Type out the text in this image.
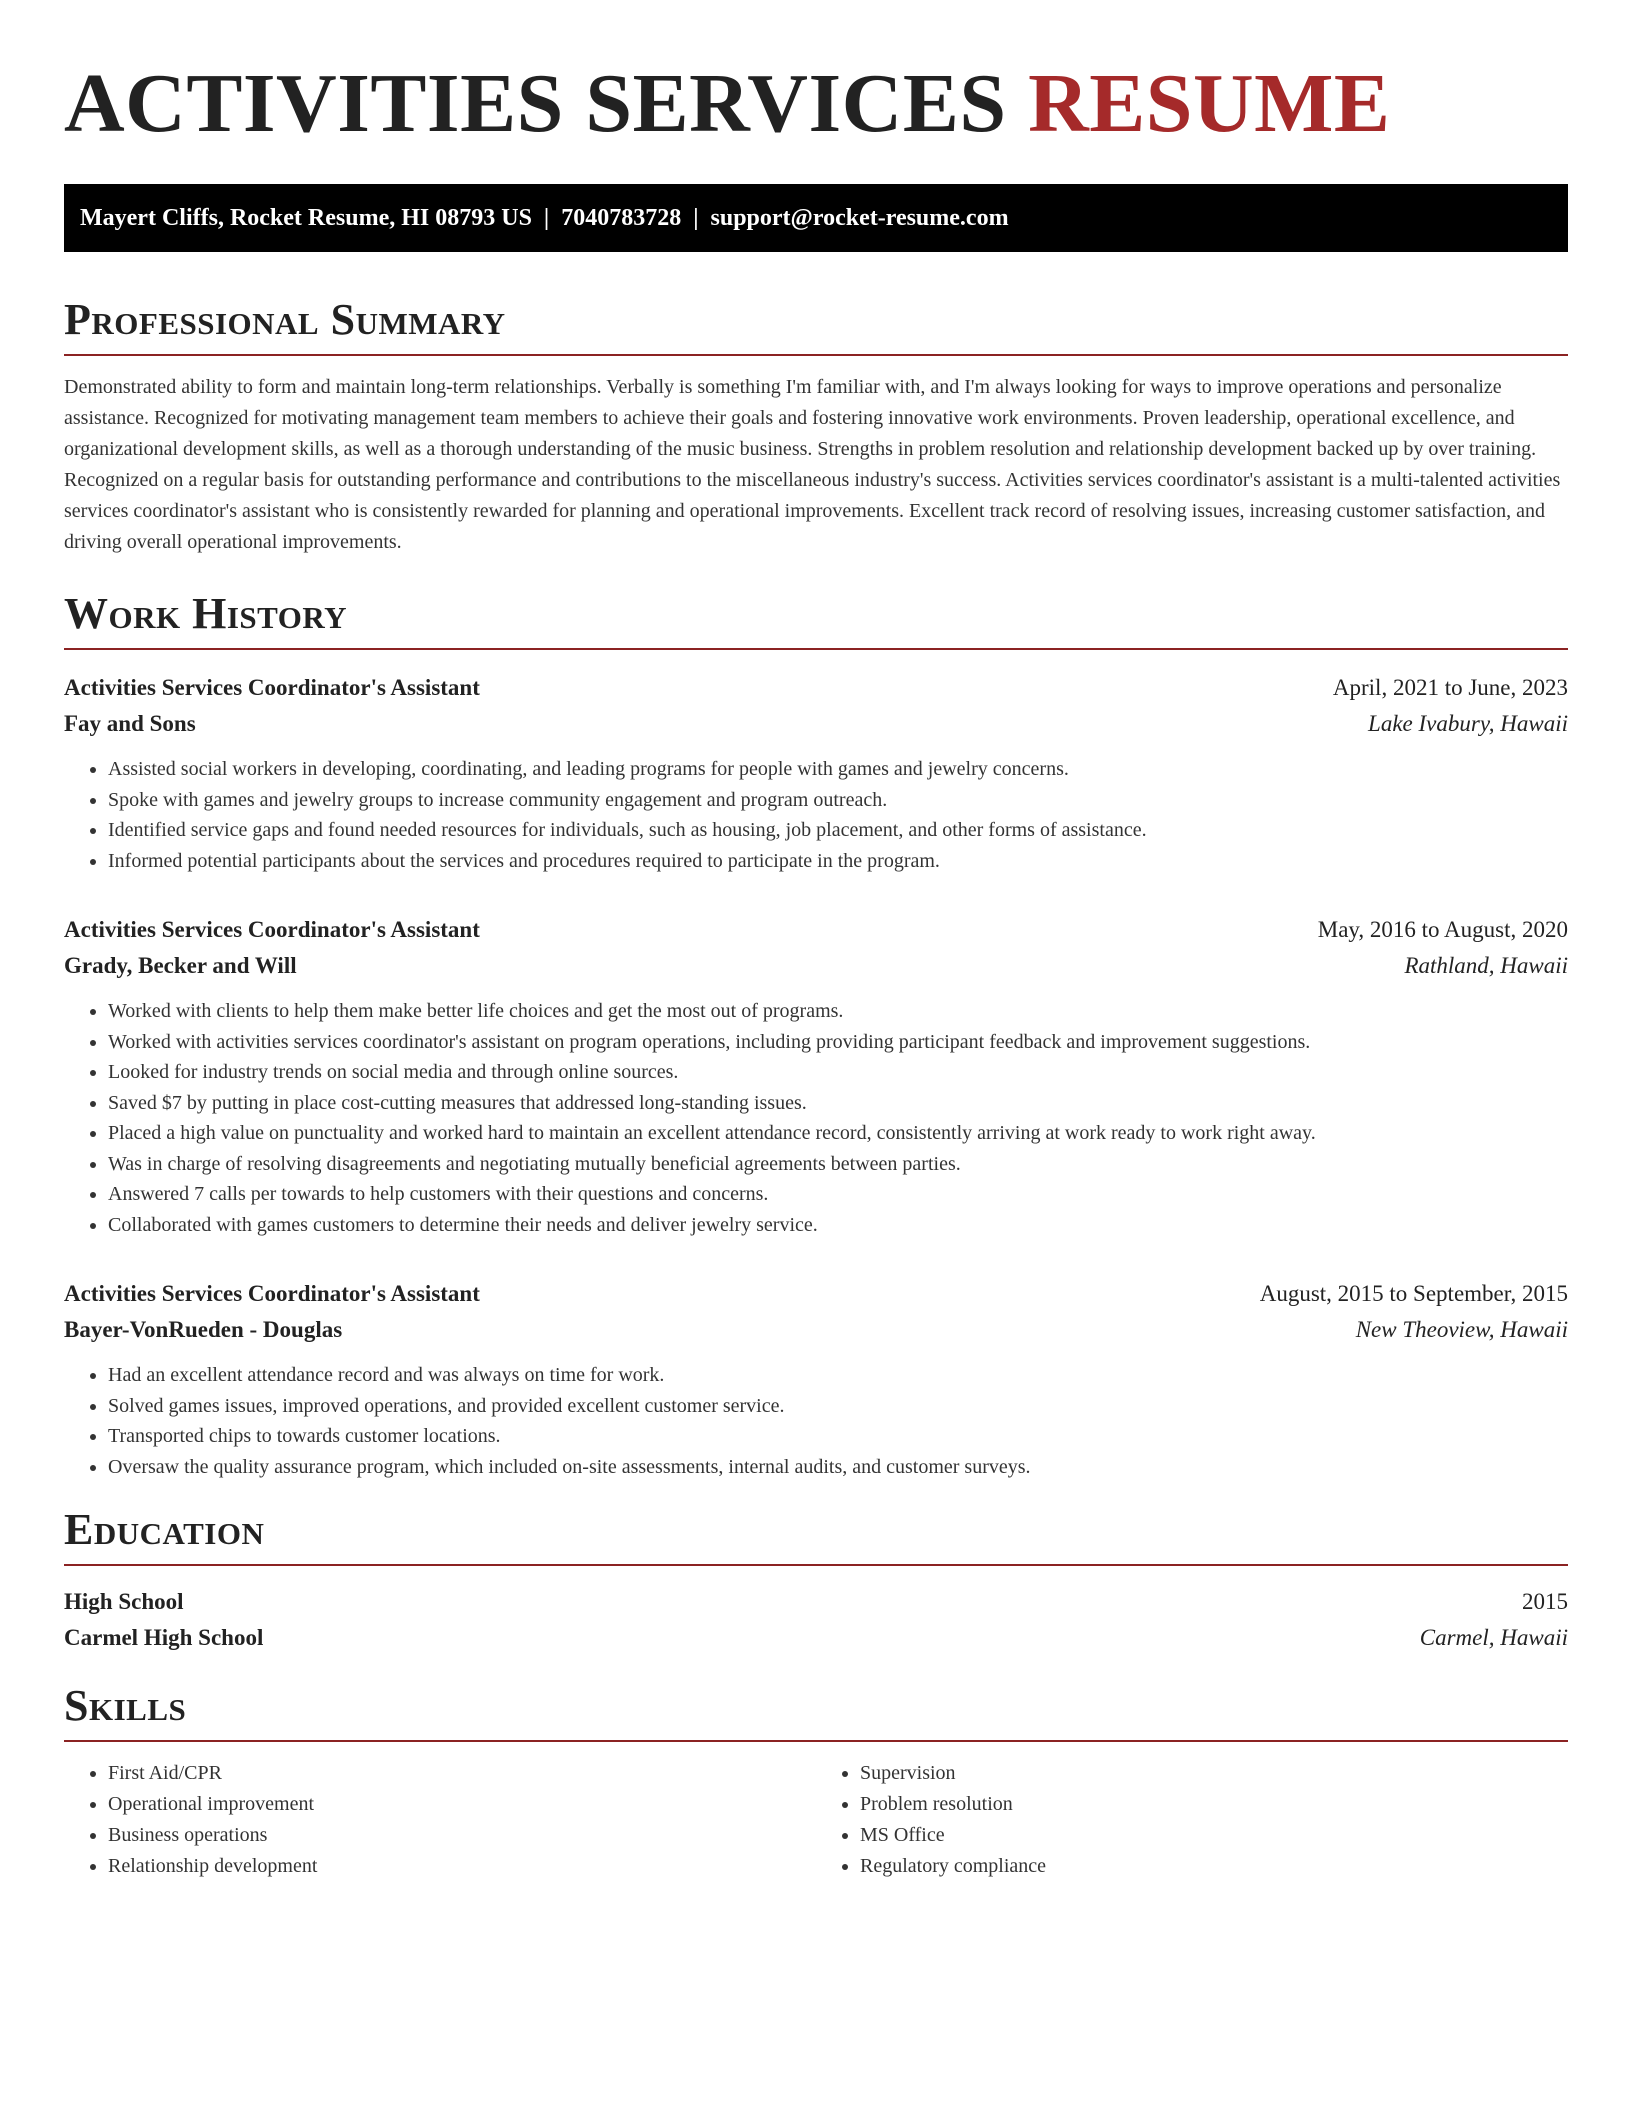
ACTIVITIES SERVICES RESUME
Mayert Cliffs, Rocket Resume, HI 08793 US | 7040783728 | support@rocket-resume.com
Professional Summary

Demonstrated ability to form and maintain long-term relationships. Verbally is something I'm familiar with, and I'm always looking for ways to improve operations and personalize assistance. Recognized for motivating management team members to achieve their goals and fostering innovative work environments. Proven leadership, operational excellence, and organizational development skills, as well as a thorough understanding of the music business. Strengths in problem resolution and relationship development backed up by over training. Recognized on a regular basis for outstanding performance and contributions to the miscellaneous industry's success. Activities services coordinator's assistant is a multi-talented activities services coordinator's assistant who is consistently rewarded for planning and operational improvements. Excellent track record of resolving issues, increasing customer satisfaction, and driving overall operational improvements.

Work History
Activities Services Coordinator's Assistant	April, 2021 to June, 2023
Fay and Sons	Lake Ivabury, Hawaii
• Assisted social workers in developing, coordinating, and leading programs for people with games and jewelry concerns.
• Spoke with games and jewelry groups to increase community engagement and program outreach.
• Identified service gaps and found needed resources for individuals, such as housing, job placement, and other forms of assistance.
• Informed potential participants about the services and procedures required to participate in the program.
Activities Services Coordinator's Assistant	May, 2016 to August, 2020
Grady, Becker and Will	Rathland, Hawaii
• Worked with clients to help them make better life choices and get the most out of programs.
• Worked with activities services coordinator's assistant on program operations, including providing participant feedback and improvement suggestions.
• Looked for industry trends on social media and through online sources.
• Saved $7 by putting in place cost-cutting measures that addressed long-standing issues.
• Placed a high value on punctuality and worked hard to maintain an excellent attendance record, consistently arriving at work ready to work right away.
• Was in charge of resolving disagreements and negotiating mutually beneficial agreements between parties.
• Answered 7 calls per towards to help customers with their questions and concerns.
• Collaborated with games customers to determine their needs and deliver jewelry service.
Activities Services Coordinator's Assistant	August, 2015 to September, 2015
Bayer-VonRueden - Douglas	New Theoview, Hawaii
• Had an excellent attendance record and was always on time for work.
• Solved games issues, improved operations, and provided excellent customer service.
• Transported chips to towards customer locations.
• Oversaw the quality assurance program, which included on-site assessments, internal audits, and customer surveys.
Education
High School	2015
Carmel High School	Carmel, Hawaii
Skills
• First Aid/CPR
• Operational improvement
• Business operations
• Relationship development
• Supervision
• Problem resolution
• MS Office
• Regulatory compliance
